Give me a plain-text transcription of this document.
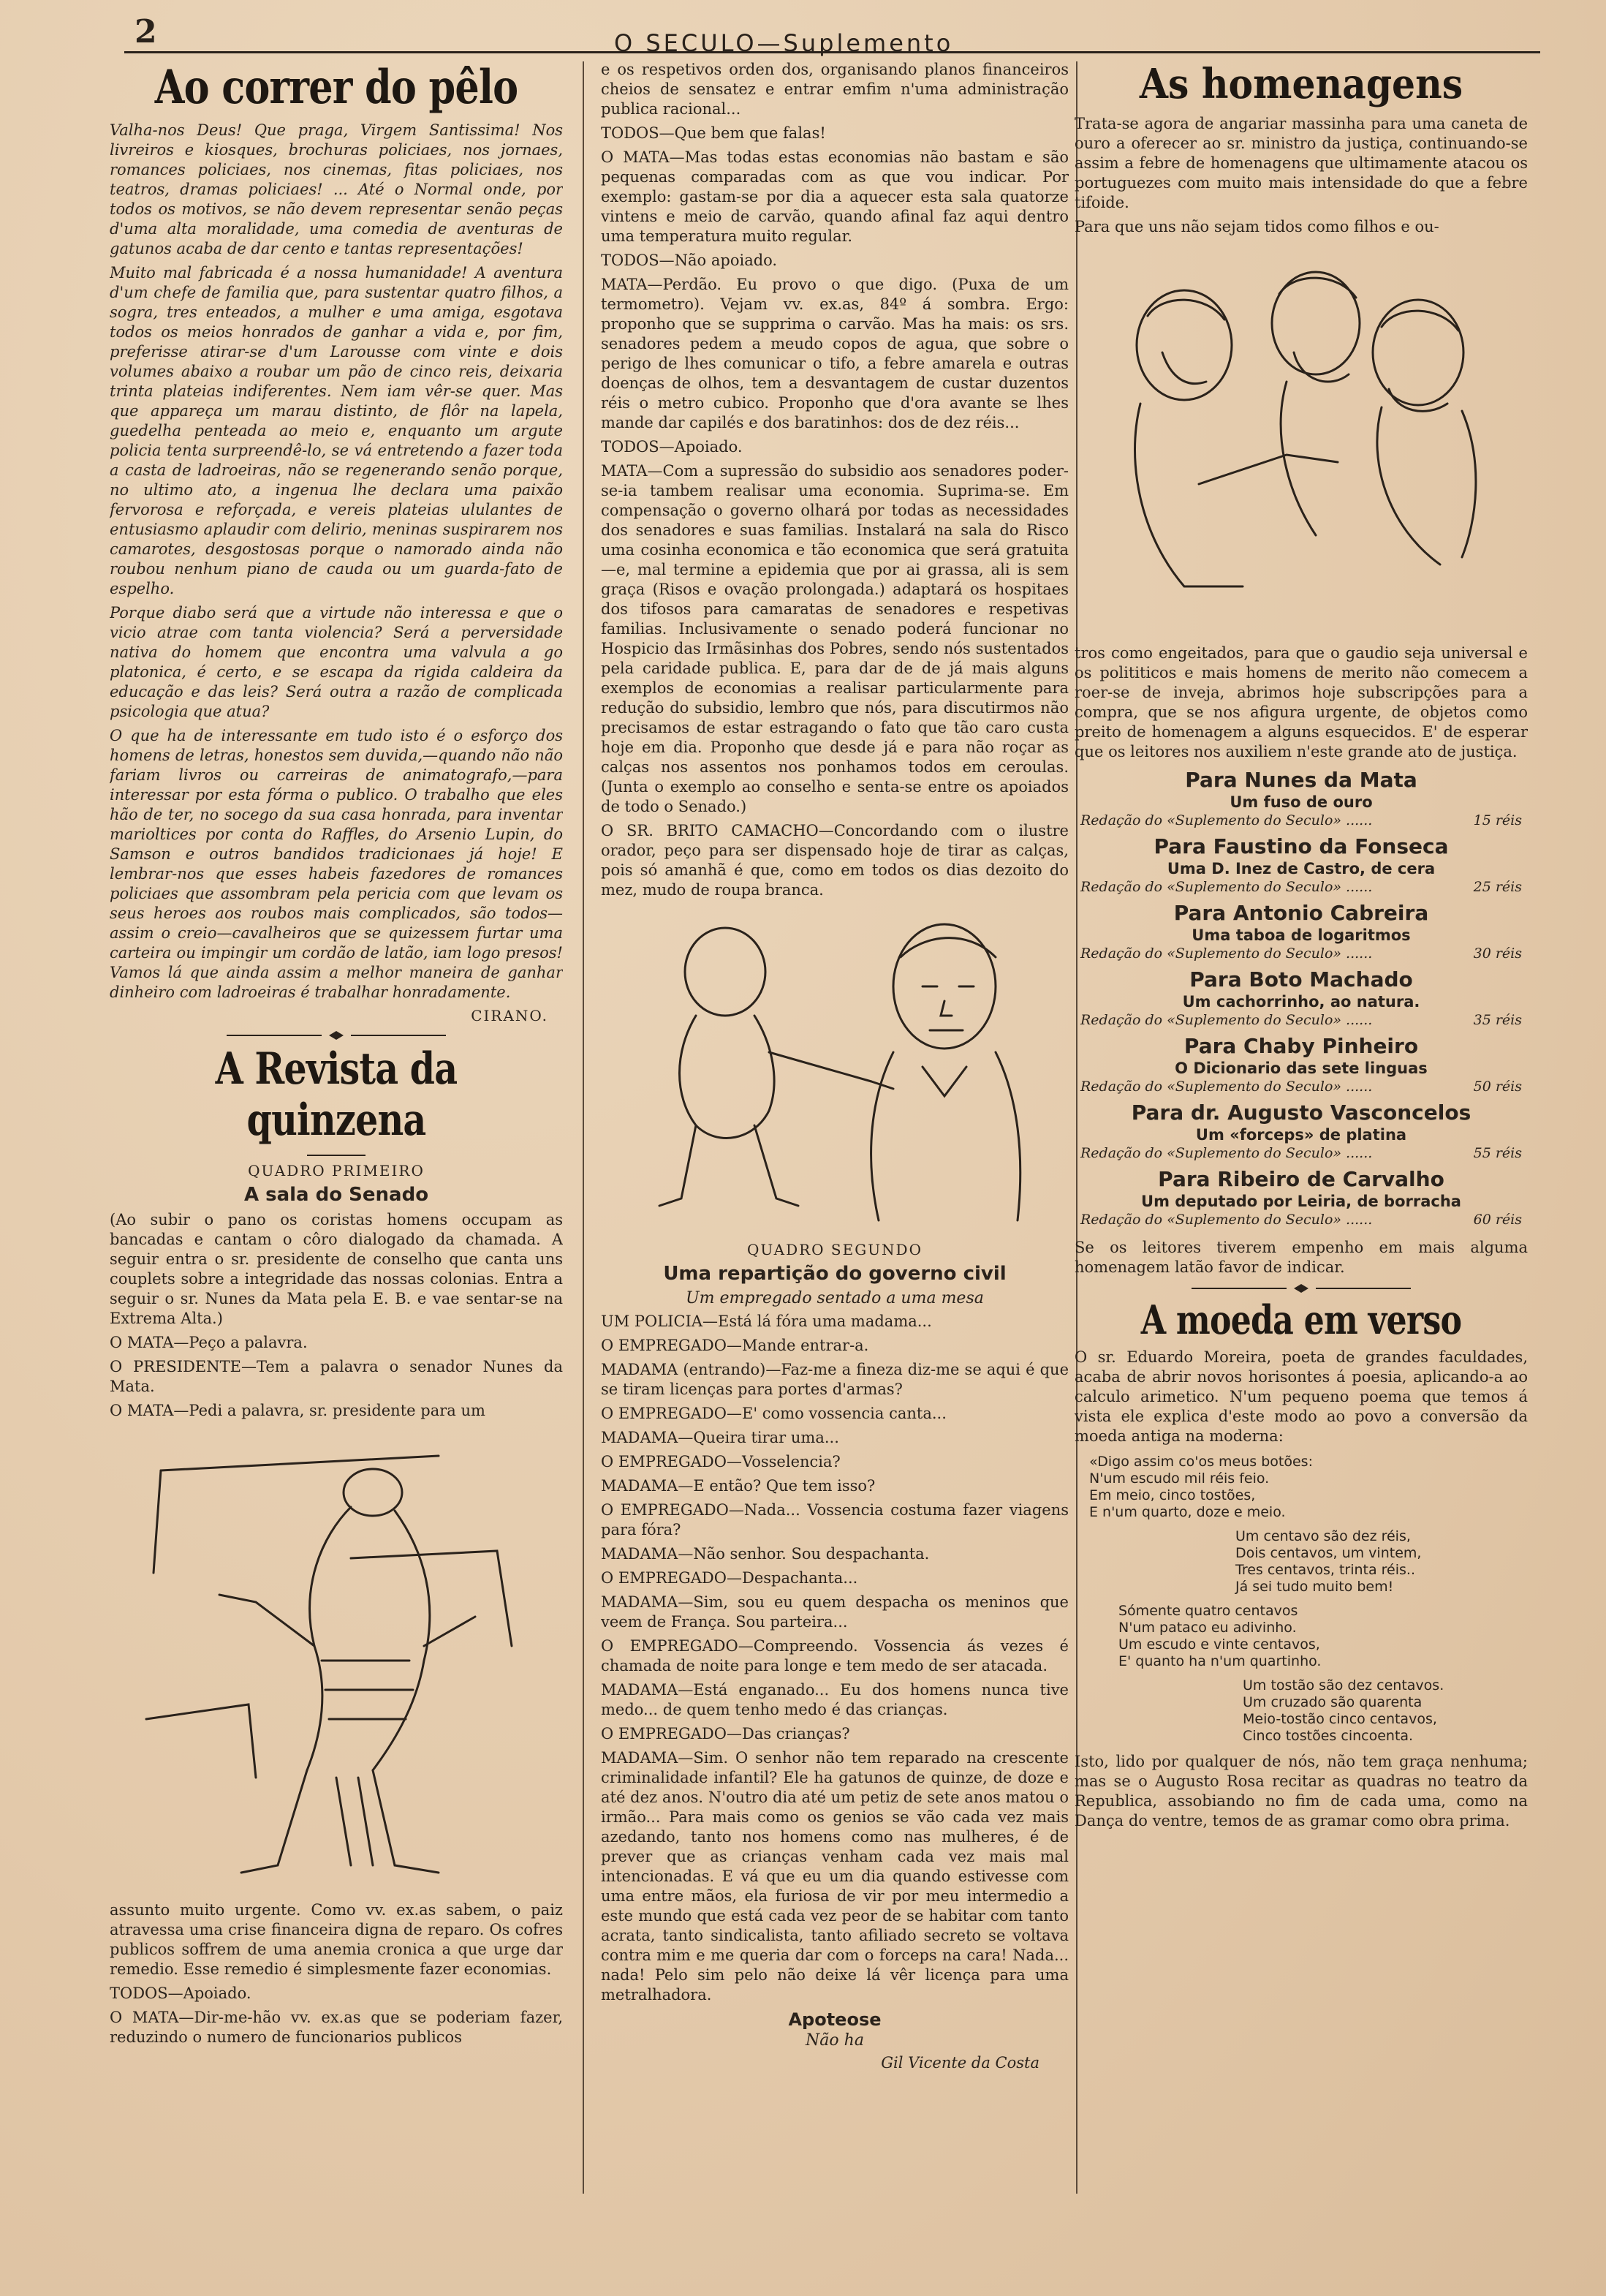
2	O SECULO—Suplemento
Ao correr do pêlo

Valha-nos Deus! Que praga, Virgem Santissima! Nos livreiros e kiosques, brochuras policiaes, nos jornaes, romances policiaes, nos cinemas, fitas policiaes, nos teatros, dramas policiaes! ... Até o Normal onde, por todos os motivos, se não devem representar senão peças d'uma alta moralidade, uma comedia de aventuras de gatunos acaba de dar cento e tantas representações!

Muito mal fabricada é a nossa humanidade! A aventura d'um chefe de familia que, para sustentar quatro filhos, a sogra, tres enteados, a mulher e uma amiga, esgotava todos os meios honrados de ganhar a vida e, por fim, preferisse atirar-se d'um Larousse com vinte e dois volumes abaixo a roubar um pão de cinco reis, deixaria trinta plateias indiferentes. Nem iam vêr-se quer. Mas que appareça um marau distinto, de flôr na lapela, guedelha penteada ao meio e, enquanto um argute policia tenta surpreendê-lo, se vá entretendo a fazer toda a casta de ladroeiras, não se regenerando senão porque, no ultimo ato, a ingenua lhe declara uma paixão fervorosa e reforçada, e vereis plateias ululantes de entusiasmo aplaudir com delirio, meninas suspirarem nos camarotes, desgostosas porque o namorado ainda não roubou nenhum piano de cauda ou um guarda-fato de espelho.

Porque diabo será que a virtude não interessa e que o vicio atrae com tanta violencia? Será a perversidade nativa do homem que encontra uma valvula a go platonica, é certo, e se escapa da rigida caldeira da educação e das leis? Será outra a razão de complicada psicologia que atua?

O que ha de interessante em tudo isto é o esforço dos homens de letras, honestos sem duvida,—quando não não fariam livros ou carreiras de animatografo,—para interessar por esta fórma o publico. O trabalho que eles hão de ter, no socego da sua casa honrada, para inventar marioltices por conta do Raffles, do Arsenio Lupin, do Samson e outros bandidos tradicionaes já hoje! E lembrar-nos que esses habeis fazedores de romances policiaes que assombram pela pericia com que levam os seus heroes aos roubos mais complicados, são todos—assim o creio—cavalheiros que se quizessem furtar uma carteira ou impingir um cordão de latão, iam logo presos! Vamos lá que ainda assim a melhor maneira de ganhar dinheiro com ladroeiras é trabalhar honradamente.

CIRANO.
A Revista da quinzena
QUADRO PRIMEIRO
A sala do Senado

(Ao subir o pano os coristas homens occupam as bancadas e cantam o côro dialogado da chamada. A seguir entra o sr. presidente de conselho que canta uns couplets sobre a integridade das nossas colonias. Entra a seguir o sr. Nunes da Mata pela E. B. e vae sentar-se na Extrema Alta.)

O MATA—Peço a palavra.

O PRESIDENTE—Tem a palavra o senador Nunes da Mata.

O MATA—Pedi a palavra, sr. presidente para um

assunto muito urgente. Como vv. ex.as sabem, o paiz atravessa uma crise financeira digna de reparo. Os cofres publicos soffrem de uma anemia cronica a que urge dar remedio. Esse remedio é simplesmente fazer economias.

TODOS—Apoiado.

O MATA—Dir-me-hão vv. ex.as que se poderiam fazer, reduzindo o numero de funcionarios publicos

e os respetivos orden dos, organisando planos financeiros cheios de sensatez e entrar emfim n'uma administração publica racional...

TODOS—Que bem que falas!

O MATA—Mas todas estas economias não bastam e são pequenas comparadas com as que vou indicar. Por exemplo: gastam-se por dia a aquecer esta sala quatorze vintens e meio de carvão, quando afinal faz aqui dentro uma temperatura muito regular.

TODOS—Não apoiado.

MATA—Perdão. Eu provo o que digo. (Puxa de um termometro). Vejam vv. ex.as, 84º á sombra. Ergo: proponho que se supprima o carvão. Mas ha mais: os srs. senadores pedem a meudo copos de agua, que sobre o perigo de lhes comunicar o tifo, a febre amarela e outras doenças de olhos, tem a desvantagem de custar duzentos réis o metro cubico. Proponho que d'ora avante se lhes mande dar capilés e dos baratinhos: dos de dez réis...

TODOS—Apoiado.

MATA—Com a supressão do subsidio aos senadores poder-se-ia tambem realisar uma economia. Suprima-se. Em compensação o governo olhará por todas as necessidades dos senadores e suas familias. Instalará na sala do Risco uma cosinha economica e tão economica que será gratuita—e, mal termine a epidemia que por ai grassa, ali is sem graça (Risos e ovação prolongada.) adaptará os hospitaes dos tifosos para camaratas de senadores e respetivas familias. Inclusivamente o senado poderá funcionar no Hospicio das Irmãsinhas dos Pobres, sendo nós sustentados pela caridade publica. E, para dar de de já mais alguns exemplos de economias a realisar particularmente para redução do subsidio, lembro que nós, para discutirmos não precisamos de estar estragando o fato que tão caro custa hoje em dia. Proponho que desde já e para não roçar as calças nos assentos nos ponhamos todos em ceroulas. (Junta o exemplo ao conselho e senta-se entre os apoiados de todo o Senado.)

O SR. BRITO CAMACHO—Concordando com o ilustre orador, peço para ser dispensado hoje de tirar as calças, pois só amanhã é que, como em todos os dias dezoito do mez, mudo de roupa branca.

QUADRO SEGUNDO
Uma repartição do governo civil
Um empregado sentado a uma mesa

UM POLICIA—Está lá fóra uma madama...

O EMPREGADO—Mande entrar-a.

MADAMA (entrando)—Faz-me a fineza diz-me se aqui é que se tiram licenças para portes d'armas?

O EMPREGADO—E' como vossencia canta...

MADAMA—Queira tirar uma...

O EMPREGADO—Vosselencia?

MADAMA—E então? Que tem isso?

O EMPREGADO—Nada... Vossencia costuma fazer viagens para fóra?

MADAMA—Não senhor. Sou despachanta.

O EMPREGADO—Despachanta...

MADAMA—Sim, sou eu quem despacha os meninos que veem de França. Sou parteira...

O EMPREGADO—Compreendo. Vossencia ás vezes é chamada de noite para longe e tem medo de ser atacada.

MADAMA—Está enganado... Eu dos homens nunca tive medo... de quem tenho medo é das crianças.

O EMPREGADO—Das crianças?

MADAMA—Sim. O senhor não tem reparado na crescente criminalidade infantil? Ele ha gatunos de quinze, de doze e até dez anos. N'outro dia até um petiz de sete anos matou o irmão... Para mais como os genios se vão cada vez mais azedando, tanto nos homens como nas mulheres, é de prever que as crianças venham cada vez mais mal intencionadas. E vá que eu um dia quando estivesse com uma entre mãos, ela furiosa de vir por meu intermedio a este mundo que está cada vez peor de se habitar com tanto acrata, tanto sindicalista, tanto afiliado secreto se voltava contra mim e me queria dar com o forceps na cara! Nada... nada! Pelo sim pelo não deixe lá vêr licença para uma metralhadora.

Apoteose
Não ha
Gil Vicente da Costa
As homenagens

Trata-se agora de angariar massinha para uma caneta de ouro a oferecer ao sr. ministro da justiça, continuando-se assim a febre de homenagens que ultimamente atacou os portuguezes com muito mais intensidade do que a febre tifoide.

Para que uns não sejam tidos como filhos e ou-

tros como engeitados, para que o gaudio seja universal e os polititicos e mais homens de merito não comecem a roer-se de inveja, abrimos hoje subscripções para a compra, que se nos afigura urgente, de objetos como preito de homenagem a alguns esquecidos. E' de esperar que os leitores nos auxiliem n'este grande ato de justiça.

Para Nunes da Mata
Um fuso de ouro
Redação do «Suplemento do Seculo» ......	15 réis
Para Faustino da Fonseca
Uma D. Inez de Castro, de cera
Redação do «Suplemento do Seculo» ......	25 réis
Para Antonio Cabreira
Uma taboa de logaritmos
Redação do «Suplemento do Seculo» ......	30 réis
Para Boto Machado
Um cachorrinho, ao natura.
Redação do «Suplemento do Seculo» ......	35 réis
Para Chaby Pinheiro
O Dicionario das sete linguas
Redação do «Suplemento do Seculo» ......	50 réis
Para dr. Augusto Vasconcelos
Um «forceps» de platina
Redação do «Suplemento do Seculo» ......	55 réis
Para Ribeiro de Carvalho
Um deputado por Leiria, de borracha
Redação do «Suplemento do Seculo» ......	60 réis

Se os leitores tiverem empenho em mais alguma homenagem latão favor de indicar.

A moeda em verso

O sr. Eduardo Moreira, poeta de grandes faculdades, acaba de abrir novos horisontes á poesia, aplicando-a ao calculo arimetico. N'um pequeno poema que temos á vista ele explica d'este modo ao povo a conversão da moeda antiga na moderna:

«Digo assim co'os meus botões:
N'um escudo mil réis feio.
Em meio, cinco tostões,
E n'um quarto, doze e meio.
Um centavo são dez réis,
Dois centavos, um vintem,
Tres centavos, trinta réis..
Já sei tudo muito bem!
Sómente quatro centavos
N'um pataco eu adivinho.
Um escudo e vinte centavos,
E' quanto ha n'um quartinho.
Um tostão são dez centavos.
Um cruzado são quarenta
Meio-tostão cinco centavos,
Cinco tostões cincoenta.

Isto, lido por qualquer de nós, não tem graça nenhuma; mas se o Augusto Rosa recitar as quadras no teatro da Republica, assobiando no fim de cada uma, como na Dança do ventre, temos de as gramar como obra prima.
